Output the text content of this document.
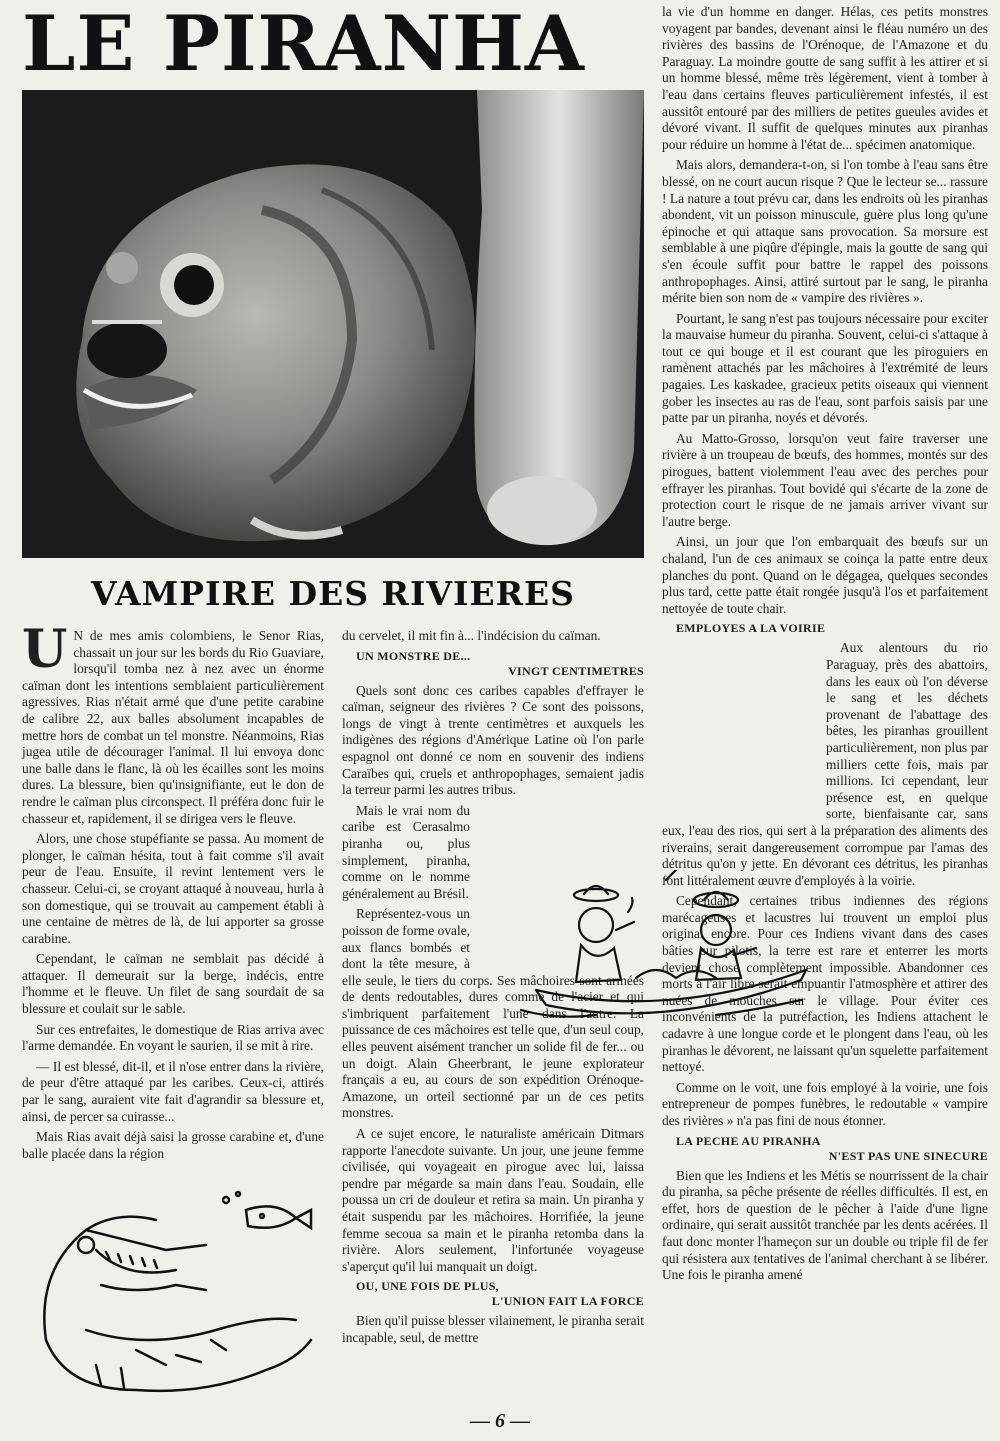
LE PIRANHA
VAMPIRE DES RIVIERES

U N de mes amis colombiens, le Senor Rias, chassait un jour sur les bords du Rio Guaviare, lorsqu'il tomba nez à nez avec un énorme caïman dont les intentions semblaient particulièrement agressives. Rias n'était armé que d'une petite carabine de calibre 22, aux balles absolument incapables de mettre hors de combat un tel monstre. Néanmoins, Rias jugea utile de décourager l'animal. Il lui envoya donc une balle dans le flanc, là où les écailles sont les moins dures. La blessure, bien qu'insignifiante, eut le don de rendre le caïman plus circonspect. Il préféra donc fuir le chasseur et, rapidement, il se dirigea vers le fleuve.

Alors, une chose stupéfiante se passa. Au moment de plonger, le caïman hésita, tout à fait comme s'il avait peur de l'eau. Ensuite, il revint lentement vers le chasseur. Celui-ci, se croyant attaqué à nouveau, hurla à son domestique, qui se trouvait au campement établi à une centaine de mètres de là, de lui apporter sa grosse carabine.

Cependant, le caïman ne semblait pas décidé à attaquer. Il demeurait sur la berge, indécis, entre l'homme et le fleuve. Un filet de sang sourdait de sa blessure et coulait sur le sable.

Sur ces entrefaites, le domestique de Rias arriva avec l'arme demandée. En voyant le saurien, il se mit à rire.

— Il est blessé, dit-il, et il n'ose entrer dans la rivière, de peur d'être attaqué par les caribes. Ceux-ci, attirés par le sang, auraient vite fait d'agrandir sa blessure et, ainsi, de percer sa cuirasse...

Mais Rias avait déjà saisi la grosse carabine et, d'une balle placée dans la région

du cervelet, il mit fin à... l'indécision du caïman.

UN MONSTRE DE...
VINGT CENTIMETRES

Quels sont donc ces caribes capables d'effrayer le caïman, seigneur des rivières ? Ce sont des poissons, longs de vingt à trente centimètres et auxquels les indigènes des régions d'Amérique Latine où l'on parle espagnol ont donné ce nom en souvenir des indiens Caraïbes qui, cruels et anthropophages, semaient jadis la terreur parmi les autres tribus.

Mais le vrai nom du caribe est Cerasalmo piranha ou, plus simplement, piranha, comme on le nomme généralement au Brésil.

Représentez-vous un poisson de forme ovale, aux flancs bombés et dont la tête mesure, à elle seule, le tiers du corps. Ses mâchoires sont armées de dents redoutables, dures comme de l'acier et qui s'imbriquent parfaitement l'une dans l'autre. La puissance de ces mâchoires est telle que, d'un seul coup, elles peuvent aisément trancher un solide fil de fer... ou un doigt. Alain Gheerbrant, le jeune explorateur français a eu, au cours de son expédition Orénoque-Amazone, un orteil sectionné par un de ces petits monstres.

A ce sujet encore, le naturaliste américain Ditmars rapporte l'anecdote suivante. Un jour, une jeune femme civilisée, qui voyageait en pirogue avec lui, laissa pendre par mégarde sa main dans l'eau. Soudain, elle poussa un cri de douleur et retira sa main. Un piranha y était suspendu par les mâchoires. Horrifiée, la jeune femme secoua sa main et le piranha retomba dans la rivière. Alors seulement, l'infortunée voyageuse s'aperçut qu'il lui manquait un doigt.

OU, UNE FOIS DE PLUS,
L'UNION FAIT LA FORCE

Bien qu'il puisse blesser vilainement, le piranha serait incapable, seul, de mettre

la vie d'un homme en danger. Hélas, ces petits monstres voyagent par bandes, devenant ainsi le fléau numéro un des rivières des bassins de l'Orénoque, de l'Amazone et du Paraguay. La moindre goutte de sang suffit à les attirer et si un homme blessé, même très légèrement, vient à tomber à l'eau dans certains fleuves particulièrement infestés, il est aussitôt entouré par des milliers de petites gueules avides et dévoré vivant. Il suffit de quelques minutes aux piranhas pour réduire un homme à l'état de... spécimen anatomique.

Mais alors, demandera-t-on, si l'on tombe à l'eau sans être blessé, on ne court aucun risque ? Que le lecteur se... rassure ! La nature a tout prévu car, dans les endroits où les piranhas abondent, vit un poisson minuscule, guère plus long qu'une épinoche et qui attaque sans provocation. Sa morsure est semblable à une piqûre d'épingle, mais la goutte de sang qui s'en écoule suffit pour battre le rappel des poissons anthropophages. Ainsi, attiré surtout par le sang, le piranha mérite bien son nom de « vampire des rivières ».

Pourtant, le sang n'est pas toujours nécessaire pour exciter la mauvaise humeur du piranha. Souvent, celui-ci s'attaque à tout ce qui bouge et il est courant que les piroguiers en ramènent attachés par les mâchoires à l'extrémité de leurs pagaies. Les kaskadee, gracieux petits oiseaux qui viennent gober les insectes au ras de l'eau, sont parfois saisis par une patte par un piranha, noyés et dévorés.

Au Matto-Grosso, lorsqu'on veut faire traverser une rivière à un troupeau de bœufs, des hommes, montés sur des pirogues, battent violemment l'eau avec des perches pour effrayer les piranhas. Tout bovidé qui s'écarte de la zone de protection court le risque de ne jamais arriver vivant sur l'autre berge.

Ainsi, un jour que l'on embarquait des bœufs sur un chaland, l'un de ces animaux se coinça la patte entre deux planches du pont. Quand on le dégagea, quelques secondes plus tard, cette patte était rongée jusqu'à l'os et parfaitement nettoyée de toute chair.

EMPLOYES A LA VOIRIE

Aux alentours du rio Paraguay, près des abattoirs, dans les eaux où l'on déverse le sang et les déchets provenant de l'abattage des bêtes, les piranhas grouillent particulièrement, non plus par milliers cette fois, mais par millions. Ici cependant, leur présence est, en quelque sorte, bienfaisante car, sans eux, l'eau des rios, qui sert à la préparation des aliments des riverains, serait dangereusement corrompue par l'amas des détritus qu'on y jette. En dévorant ces détritus, les piranhas font littéralement œuvre d'employés à la voirie.

Cependant, certaines tribus indiennes des régions marécageuses et lacustres lui trouvent un emploi plus original encore. Pour ces Indiens vivant dans des cases bâties sur pilotis, la terre est rare et enterrer les morts devient chose complètement impossible. Abandonner ces morts à l'air libre serait empuantir l'atmosphère et attirer des nuées de mouches sur le village. Pour éviter ces inconvénients de la putréfaction, les Indiens attachent le cadavre à une longue corde et le plongent dans l'eau, où les piranhas le dévorent, ne laissant qu'un squelette parfaitement nettoyé.

Comme on le voit, une fois employé à la voirie, une fois entrepreneur de pompes funèbres, le redoutable « vampire des rivières » n'a pas fini de nous étonner.

LA PECHE AU PIRANHA
N'EST PAS UNE SINECURE

Bien que les Indiens et les Métis se nourrissent de la chair du piranha, sa pêche présente de réelles difficultés. Il est, en effet, hors de question de le pêcher à l'aide d'une ligne ordinaire, qui serait aussitôt tranchée par les dents acérées. Il faut donc monter l'hameçon sur un double ou triple fil de fer qui résistera aux tentatives de l'animal cherchant à se libérer. Une fois le piranha amené

— 6 —
